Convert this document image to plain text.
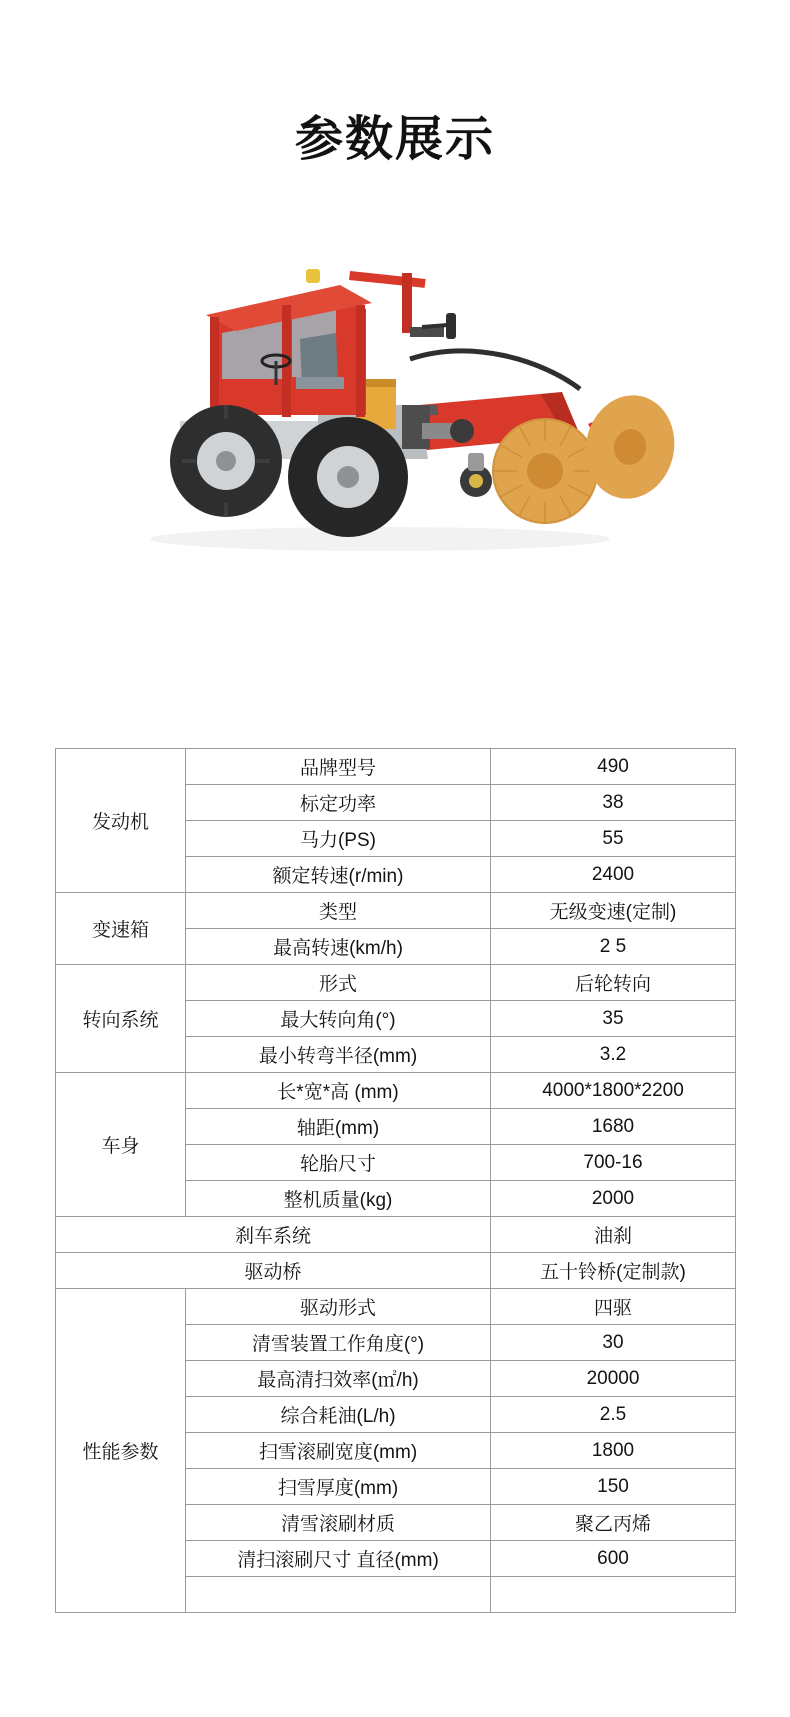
参数展示
发动机	品牌型号	490
	标定功率	38
	马力(PS)	55
	额定转速(r/min)	2400
变速箱	类型	无级变速(定制)
	最高转速(km/h)	2 5
转向系统	形式	后轮转向
	最大转向角(°)	35
	最小转弯半径(mm)	3.2
车身	长*宽*高 (mm)	4000*1800*2200
	轴距(mm)	1680
	轮胎尺寸	700-16
	整机质量(kg)	2000
刹车系统		油刹
驱动桥		五十铃桥(定制款)
性能参数	驱动形式	四驱
	清雪装置工作角度(°)	30
	最高清扫效率(㎡/h)	20000
	综合耗油(L/h)	2.5
	扫雪滚刷宽度(mm)	1800
	扫雪厚度(mm)	150
	清雪滚刷材质	聚乙丙烯
	清扫滚刷尺寸 直径(mm)	600
